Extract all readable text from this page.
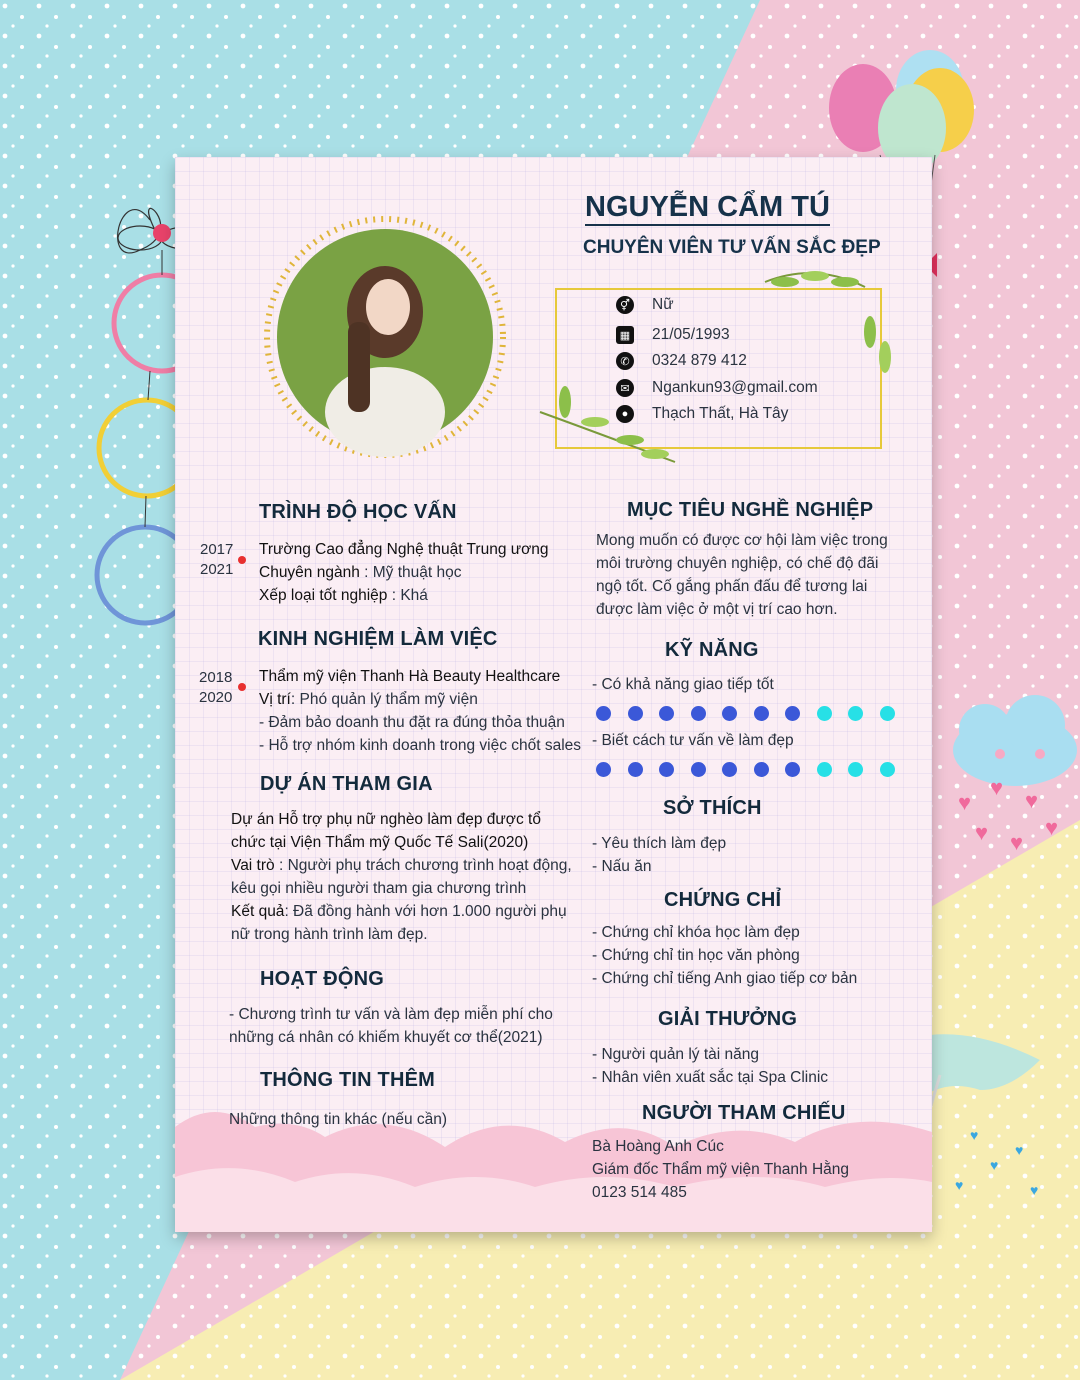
♥
♥
♥
♥ ♥
♥
♥
♥
♥
♥	♥
NGUYỄN CẨM TÚ
CHUYÊN VIÊN TƯ VẤN SẮC ĐẸP
⚥ Nữ
▦ 21/05/1993
✆ 0324 879 412
✉ Ngankun93@gmail.com
●	Thạch Thất, Hà Tây
TRÌNH ĐỘ HỌC VẤN
2017
2021
Trường Cao đẳng Nghệ thuật Trung ương
Chuyên ngành : Mỹ thuật học
Xếp loại tốt nghiệp : Khá
KINH NGHIỆM LÀM VIỆC
2018
2020
Thẩm mỹ viện Thanh Hà Beauty Healthcare
Vị trí: Phó quản lý thẩm mỹ viện
- Đảm bảo doanh thu đặt ra đúng thỏa thuận
- Hỗ trợ nhóm kinh doanh trong việc chốt sales
DỰ ÁN THAM GIA
Dự án Hỗ trợ phụ nữ nghèo làm đẹp được tổ
chức tại Viện Thẩm mỹ Quốc Tế Sali(2020)
Vai trò : Người phụ trách chương trình hoạt động,
kêu gọi nhiều người tham gia chương trình
Kết quả: Đã đồng hành với hơn 1.000 người phụ
nữ trong hành trình làm đẹp.
HOẠT ĐỘNG
- Chương trình tư vấn và làm đẹp miễn phí cho
những cá nhân có khiếm khuyết cơ thể(2021)
THÔNG TIN THÊM
Những thông tin khác (nếu cần)
MỤC TIÊU NGHỀ NGHIỆP
Mong muốn có được cơ hội làm việc trong
môi trường chuyên nghiệp, có chế độ đãi
ngộ tốt. Cố gắng phấn đấu để tương lai
được làm việc ở một vị trí cao hơn.
KỸ NĂNG
- Có khả năng giao tiếp tốt
- Biết cách tư vấn về làm đẹp
SỞ THÍCH
- Yêu thích làm đẹp
- Nấu ăn
CHỨNG CHỈ
- Chứng chỉ khóa học làm đẹp
- Chứng chỉ tin học văn phòng
- Chứng chỉ tiếng Anh giao tiếp cơ bản
GIẢI THƯỞNG
- Người quản lý tài năng
- Nhân viên xuất sắc tại Spa Clinic
NGƯỜI THAM CHIẾU
Bà Hoàng Anh Cúc
Giám đốc Thẩm mỹ viện Thanh Hằng
0123 514 485
